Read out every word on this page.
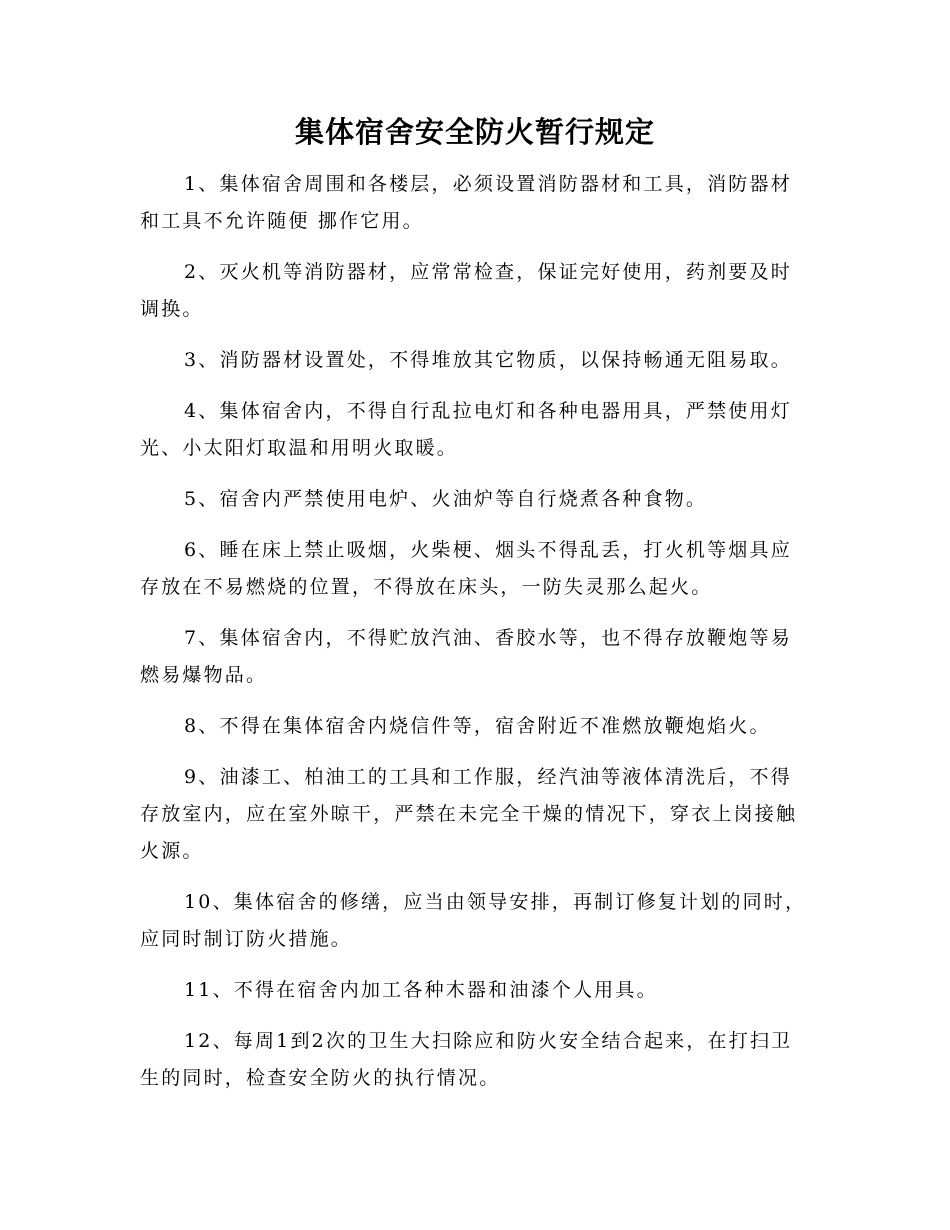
集体宿舍安全防火暂行规定

1、集体宿舍周围和各楼层，必须设置消防器材和工具，消防器材和工具不允许随便 挪作它用。

2、灭火机等消防器材，应常常检查，保证完好使用，药剂要及时调换。

3、消防器材设置处，不得堆放其它物质，以保持畅通无阻易取。

4、集体宿舍内，不得自行乱拉电灯和各种电器用具，严禁使用灯光、小太阳灯取温和用明火取暖。

5、宿舍内严禁使用电炉、火油炉等自行烧煮各种食物。

6、睡在床上禁止吸烟，火柴梗、烟头不得乱丢，打火机等烟具应存放在不易燃烧的位置，不得放在床头，一防失灵那么起火。

7、集体宿舍内，不得贮放汽油、香胶水等，也不得存放鞭炮等易燃易爆物品。

8、不得在集体宿舍内烧信件等，宿舍附近不准燃放鞭炮焰火。

9、油漆工、柏油工的工具和工作服，经汽油等液体清洗后，不得存放室内，应在室外晾干，严禁在未完全干燥的情况下，穿衣上岗接触火源。

10、集体宿舍的修缮，应当由领导安排，再制订修复计划的同时，应同时制订防火措施。

11、不得在宿舍内加工各种木器和油漆个人用具。

12、每周1到2次的卫生大扫除应和防火安全结合起来，在打扫卫生的同时，检查安全防火的执行情况。
